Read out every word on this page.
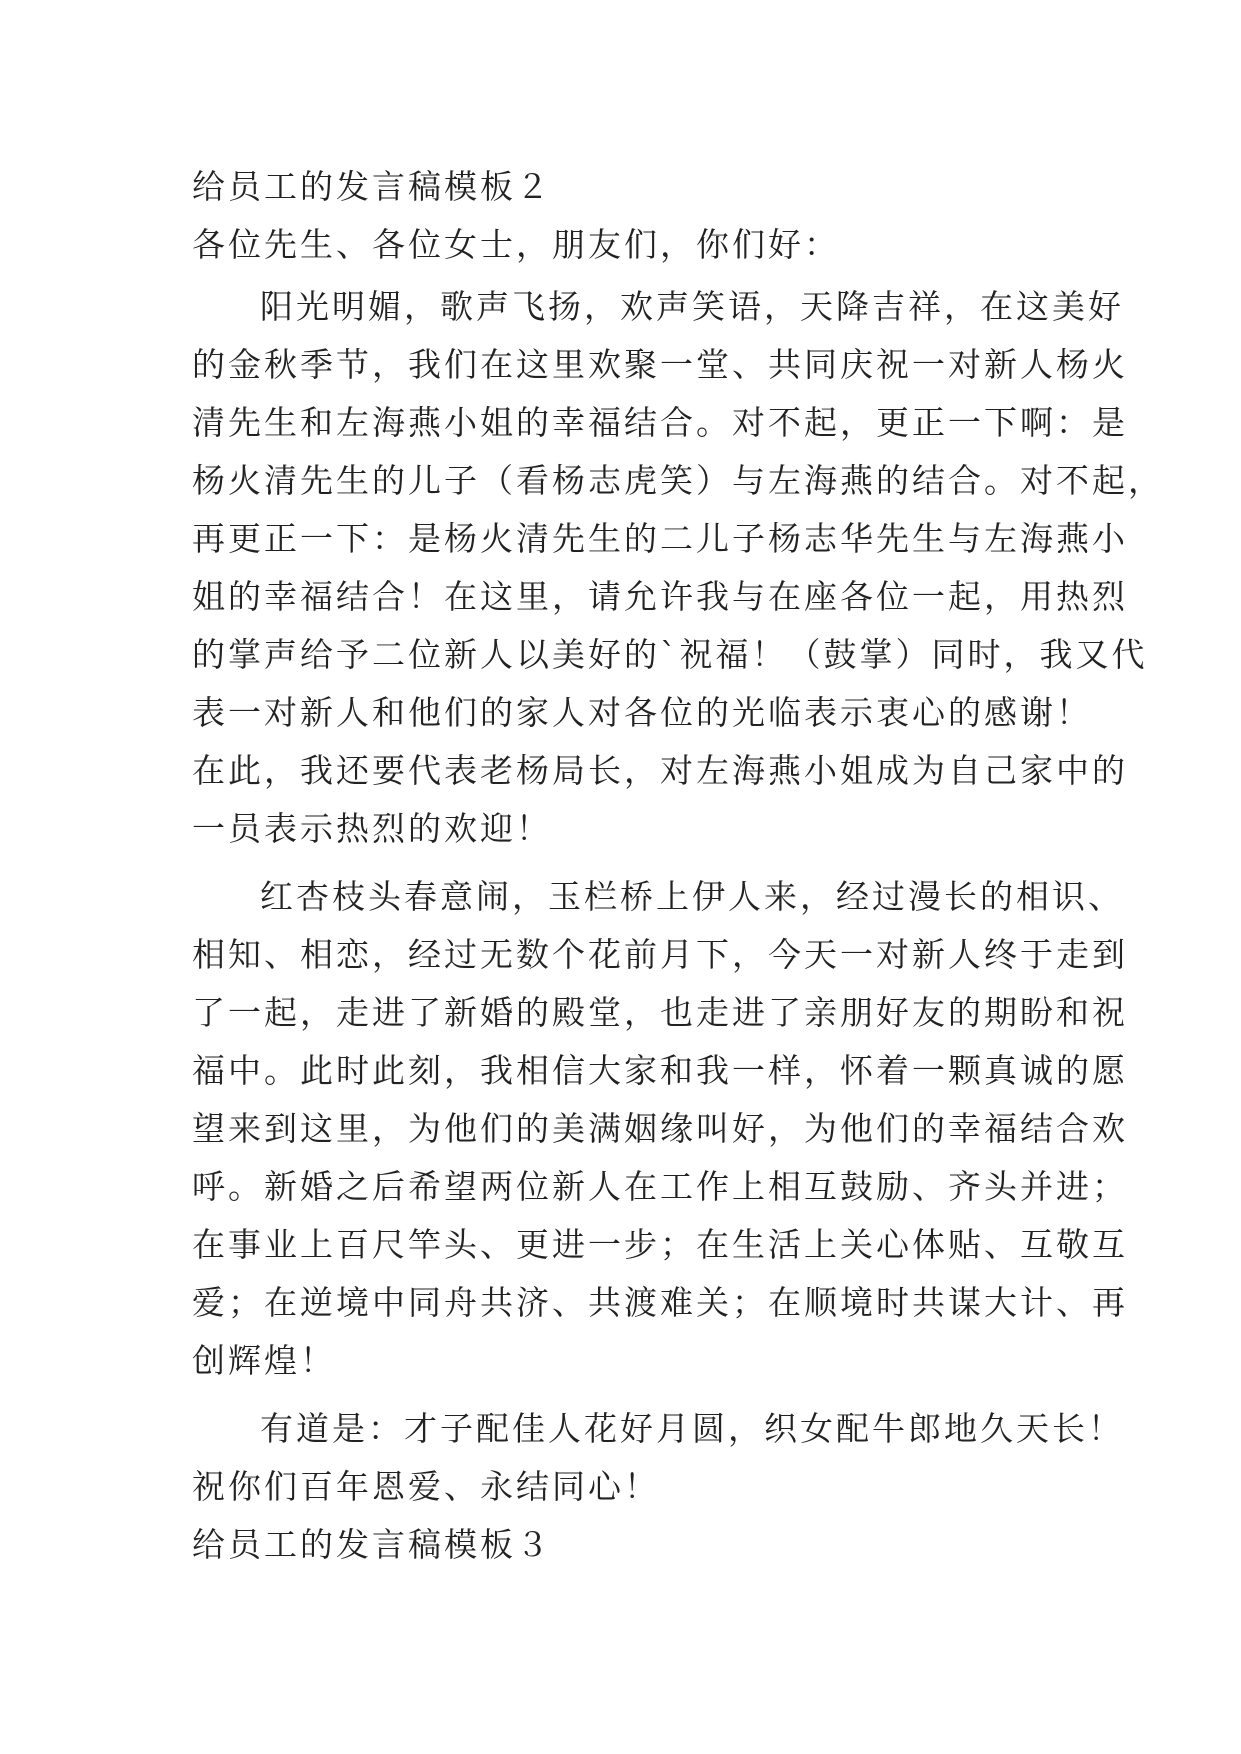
给员工的发言稿模板２
各位先生、各位女士，朋友们，你们好：
阳光明媚，歌声飞扬，欢声笑语，天降吉祥，在这美好
的金秋季节，我们在这里欢聚一堂、共同庆祝一对新人杨火
清先生和左海燕小姐的幸福结合。对不起，更正一下啊：是
杨火清先生的儿子（看杨志虎笑）与左海燕的结合。对不起，
再更正一下：是杨火清先生的二儿子杨志华先生与左海燕小
姐的幸福结合！在这里，请允许我与在座各位一起，用热烈
的掌声给予二位新人以美好的`祝福！（鼓掌）同时，我又代
表一对新人和他们的家人对各位的光临表示衷心的感谢！
在此，我还要代表老杨局长，对左海燕小姐成为自己家中的
一员表示热烈的欢迎！
红杏枝头春意闹，玉栏桥上伊人来，经过漫长的相识、
相知、相恋，经过无数个花前月下，今天一对新人终于走到
了一起，走进了新婚的殿堂，也走进了亲朋好友的期盼和祝
福中。此时此刻，我相信大家和我一样，怀着一颗真诚的愿
望来到这里，为他们的美满姻缘叫好，为他们的幸福结合欢
呼。新婚之后希望两位新人在工作上相互鼓励、齐头并进；
在事业上百尺竿头、更进一步；在生活上关心体贴、互敬互
爱；在逆境中同舟共济、共渡难关；在顺境时共谋大计、再
创辉煌！
有道是：才子配佳人花好月圆，织女配牛郎地久天长！
祝你们百年恩爱、永结同心！
给员工的发言稿模板３
